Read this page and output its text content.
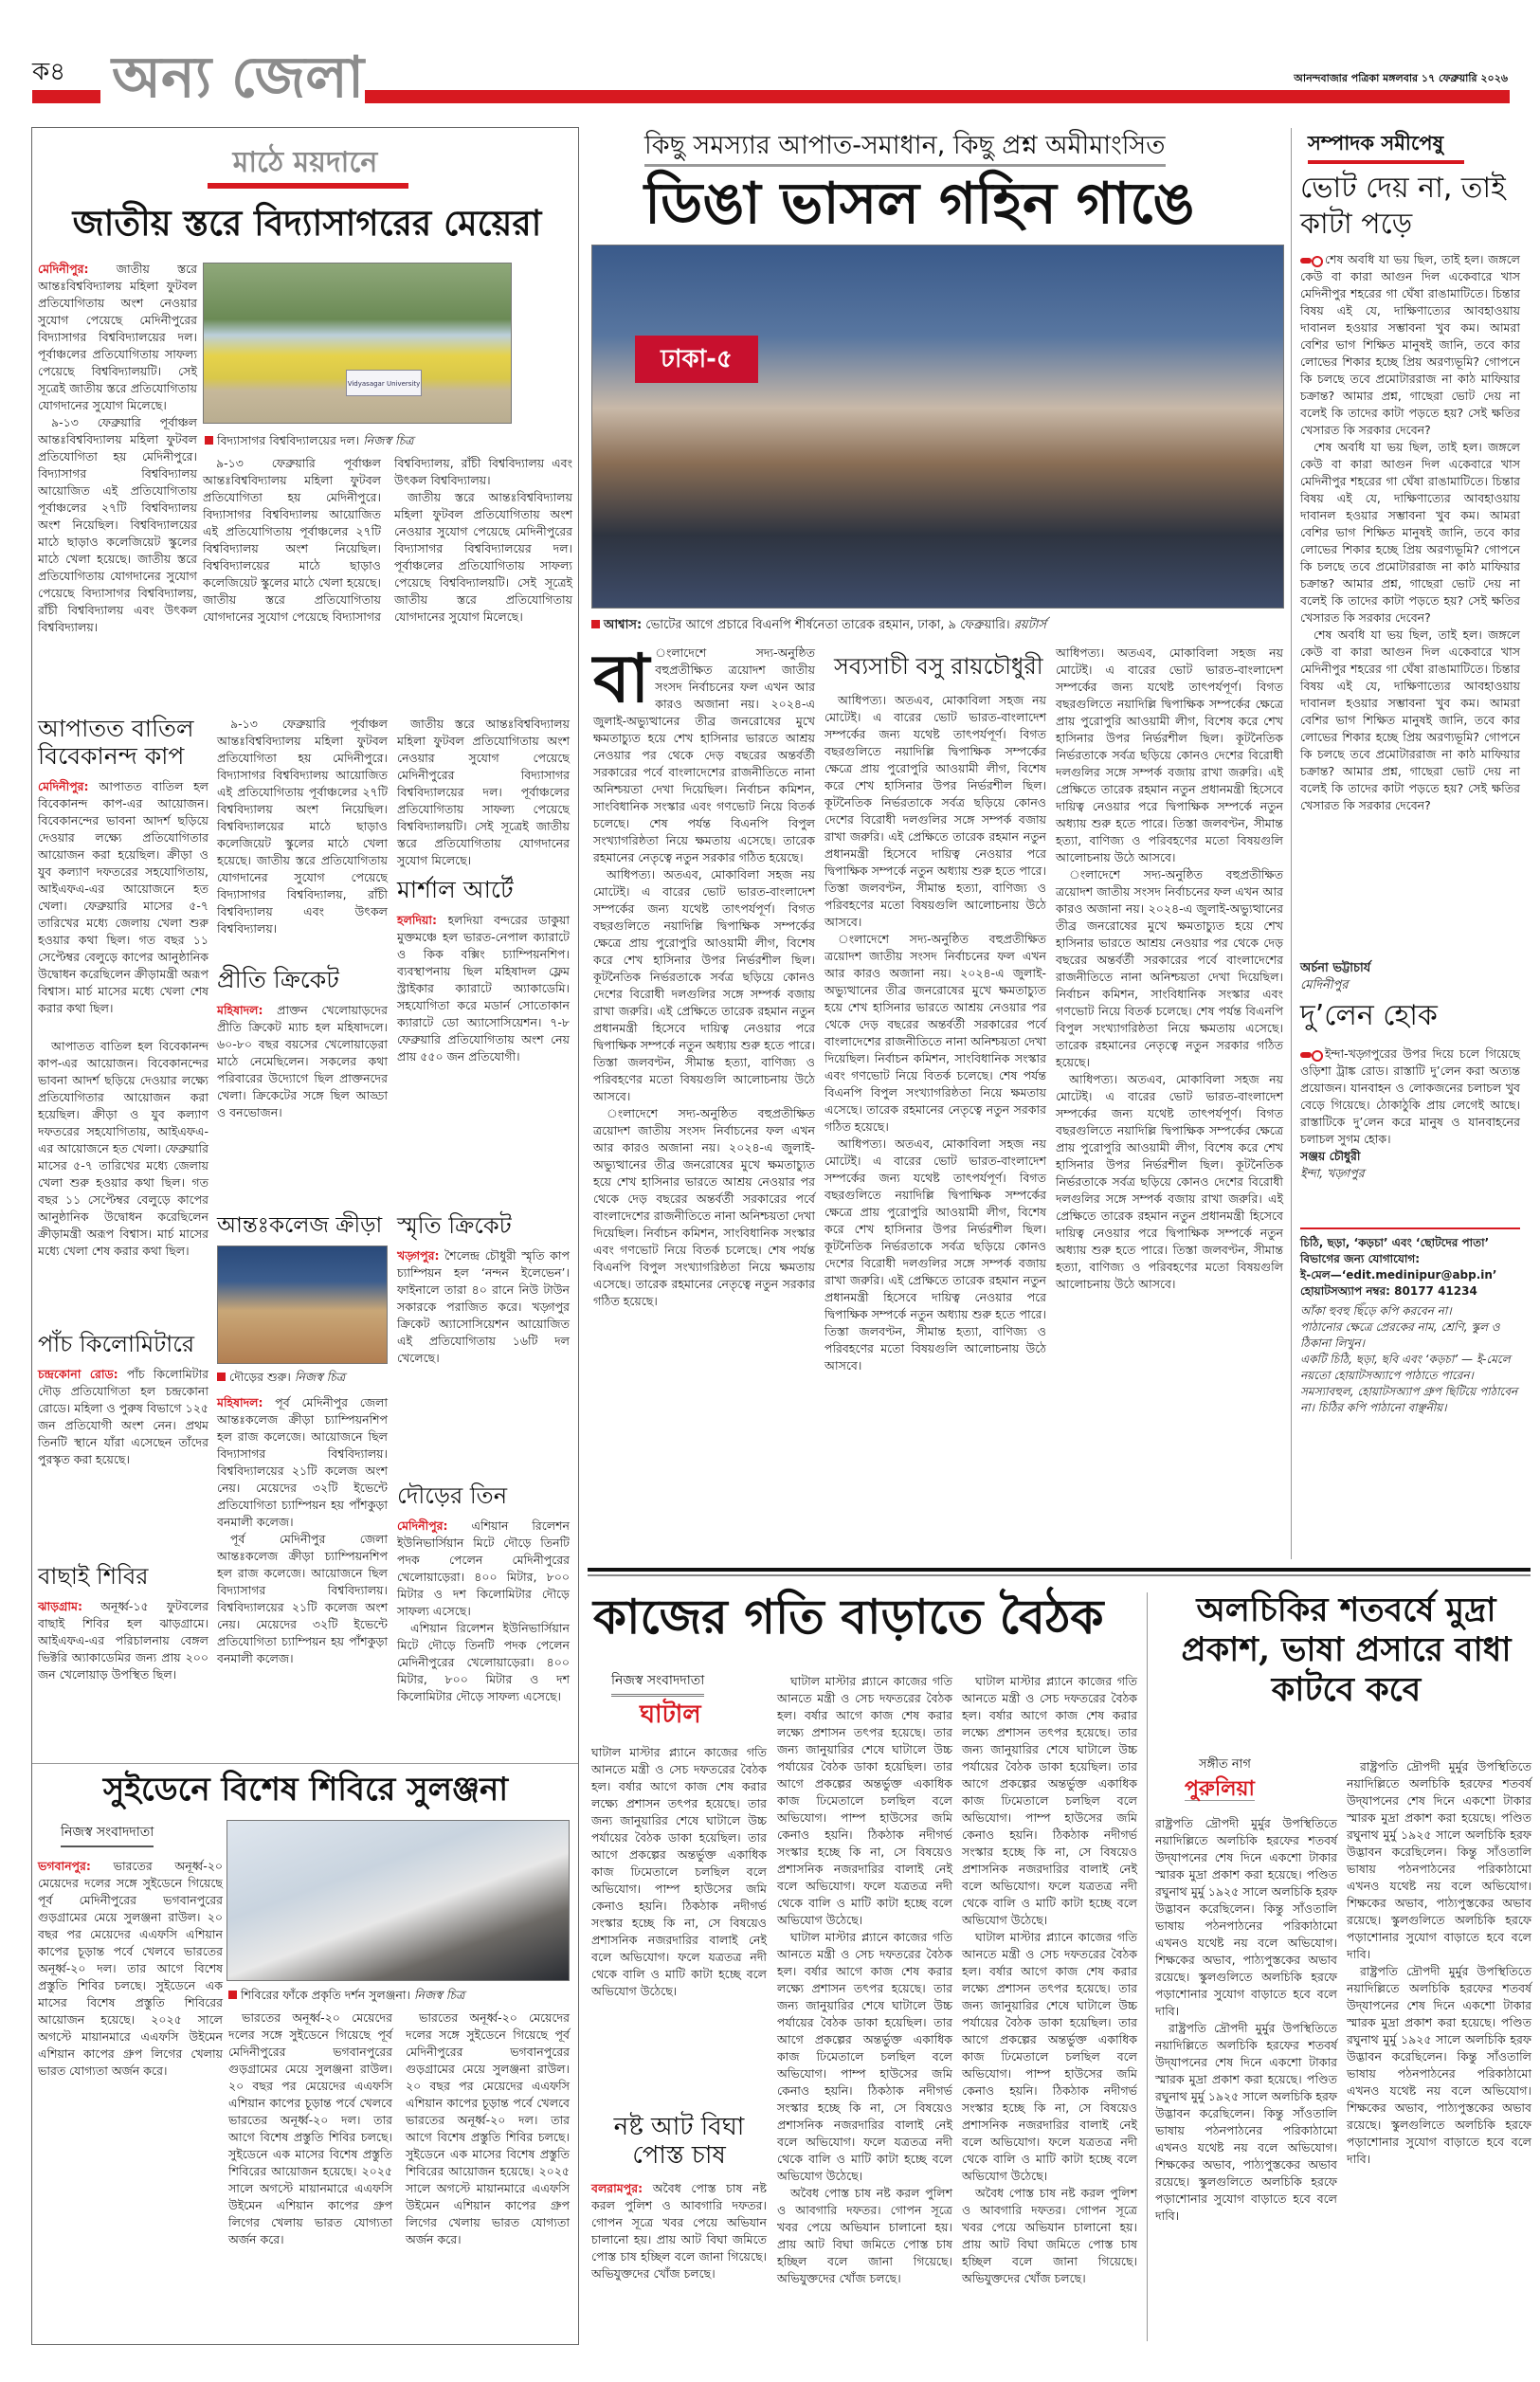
ক৪ অন্য জেলা	আনন্দবাজার পত্রিকা মঙ্গলবার ১৭ ফেব্রুয়ারি ২০২৬
মাঠে ময়দানে
জাতীয় স্তরে বিদ্যাসাগরের মেয়েরা

মেদিনীপুর: জাতীয় স্তরে আন্তঃবিশ্ববিদ্যালয় মহিলা ফুটবল প্রতিযোগিতায় অংশ নেওয়ার সুযোগ পেয়েছে মেদিনীপুরের বিদ্যাসাগর বিশ্ববিদ্যালয়ের দল। পূর্বাঞ্চলের প্রতিযোগিতায় সাফল্য পেয়েছে বিশ্ববিদ্যালয়টি। সেই সূত্রেই জাতীয় স্তরে প্রতিযোগিতায় যোগদানের সুযোগ মিলেছে।

৯-১৩ ফেব্রুয়ারি পূর্বাঞ্চল আন্তঃবিশ্ববিদ্যালয় মহিলা ফুটবল প্রতিযোগিতা হয় মেদিনীপুরে। বিদ্যাসাগর বিশ্ববিদ্যালয় আয়োজিত এই প্রতিযোগিতায় পূর্বাঞ্চলের ২৭টি বিশ্ববিদ্যালয় অংশ নিয়েছিল। বিশ্ববিদ্যালয়ের মাঠে ছাড়াও কলেজিয়েট স্কুলের মাঠে খেলা হয়েছে। জাতীয় স্তরে প্রতিযোগিতায় যোগদানের সুযোগ পেয়েছে বিদ্যাসাগর বিশ্ববিদ্যালয়, রাঁচী বিশ্ববিদ্যালয় এবং উৎকল বিশ্ববিদ্যালয়।

Vidyasagar University
বিদ্যাসাগর বিশ্ববিদ্যালয়ের দল। নিজস্ব চিত্র

৯-১৩ ফেব্রুয়ারি পূর্বাঞ্চল আন্তঃবিশ্ববিদ্যালয় মহিলা ফুটবল প্রতিযোগিতা হয় মেদিনীপুরে। বিদ্যাসাগর বিশ্ববিদ্যালয় আয়োজিত এই প্রতিযোগিতায় পূর্বাঞ্চলের ২৭টি বিশ্ববিদ্যালয় অংশ নিয়েছিল। বিশ্ববিদ্যালয়ের মাঠে ছাড়াও কলেজিয়েট স্কুলের মাঠে খেলা হয়েছে। জাতীয় স্তরে প্রতিযোগিতায় যোগদানের সুযোগ পেয়েছে বিদ্যাসাগর বিশ্ববিদ্যালয়, রাঁচী বিশ্ববিদ্যালয় এবং উৎকল বিশ্ববিদ্যালয়।

জাতীয় স্তরে আন্তঃবিশ্ববিদ্যালয় মহিলা ফুটবল প্রতিযোগিতায় অংশ নেওয়ার সুযোগ পেয়েছে মেদিনীপুরের বিদ্যাসাগর বিশ্ববিদ্যালয়ের দল। পূর্বাঞ্চলের প্রতিযোগিতায় সাফল্য পেয়েছে বিশ্ববিদ্যালয়টি। সেই সূত্রেই জাতীয় স্তরে প্রতিযোগিতায় যোগদানের সুযোগ মিলেছে।

আপাতত বাতিল বিবেকানন্দ কাপ

মেদিনীপুর: আপাতত বাতিল হল বিবেকানন্দ কাপ-এর আয়োজন। বিবেকানন্দের ভাবনা আদর্শ ছড়িয়ে দেওয়ার লক্ষ্যে প্রতিযোগিতার আয়োজন করা হয়েছিল। ক্রীড়া ও যুব কল্যাণ দফতরের সহযোগিতায়, আইএফএ-এর আয়োজনে হত খেলা। ফেব্রুয়ারি মাসের ৫-৭ তারিখের মধ্যে জেলায় খেলা শুরু হওয়ার কথা ছিল। গত বছর ১১ সেপ্টেম্বর বেলুড়ে কাপের আনুষ্ঠানিক উদ্বোধন করেছিলেন ক্রীড়ামন্ত্রী অরূপ বিশ্বাস। মার্চ মাসের মধ্যে খেলা শেষ করার কথা ছিল।

আপাতত বাতিল হল বিবেকানন্দ কাপ-এর আয়োজন। বিবেকানন্দের ভাবনা আদর্শ ছড়িয়ে দেওয়ার লক্ষ্যে প্রতিযোগিতার আয়োজন করা হয়েছিল। ক্রীড়া ও যুব কল্যাণ দফতরের সহযোগিতায়, আইএফএ-এর আয়োজনে হত খেলা। ফেব্রুয়ারি মাসের ৫-৭ তারিখের মধ্যে জেলায় খেলা শুরু হওয়ার কথা ছিল। গত বছর ১১ সেপ্টেম্বর বেলুড়ে কাপের আনুষ্ঠানিক উদ্বোধন করেছিলেন ক্রীড়ামন্ত্রী অরূপ বিশ্বাস। মার্চ মাসের মধ্যে খেলা শেষ করার কথা ছিল।

পাঁচ কিলোমিটারে

চন্দ্রকোনা রোড: পাঁচ কিলোমিটার দৌড় প্রতিযোগিতা হল চন্দ্রকোনা রোডে। মহিলা ও পুরুষ বিভাগে ১২৫ জন প্রতিযোগী অংশ নেন। প্রথম তিনটি স্থানে যাঁরা এসেছেন তাঁদের পুরস্কৃত করা হয়েছে।

বাছাই শিবির

ঝাড়গ্রাম: অনূর্ধ্ব-১৫ ফুটবলের বাছাই শিবির হল ঝাড়গ্রামে। আইএফএ-এর পরিচালনায় বেঙ্গল ভিক্টরি অ্যাকাডেমির জন্য প্রায় ২০০ জন খেলোয়াড় উপস্থিত ছিল।

৯-১৩ ফেব্রুয়ারি পূর্বাঞ্চল আন্তঃবিশ্ববিদ্যালয় মহিলা ফুটবল প্রতিযোগিতা হয় মেদিনীপুরে। বিদ্যাসাগর বিশ্ববিদ্যালয় আয়োজিত এই প্রতিযোগিতায় পূর্বাঞ্চলের ২৭টি বিশ্ববিদ্যালয় অংশ নিয়েছিল। বিশ্ববিদ্যালয়ের মাঠে ছাড়াও কলেজিয়েট স্কুলের মাঠে খেলা হয়েছে। জাতীয় স্তরে প্রতিযোগিতায় যোগদানের সুযোগ পেয়েছে বিদ্যাসাগর বিশ্ববিদ্যালয়, রাঁচী বিশ্ববিদ্যালয় এবং উৎকল বিশ্ববিদ্যালয়।

প্রীতি ক্রিকেট

মহিষাদল: প্রাক্তন খেলোয়াড়দের প্রীতি ক্রিকেট ম্যাচ হল মহিষাদলে। ৬০-৮০ বছর বয়সের খেলোয়াড়েরা মাঠে নেমেছিলেন। সকলের কথা পরিবারের উদ্যোগে ছিল প্রাক্তনদের খেলা। ক্রিকেটের সঙ্গে ছিল আড্ডা ও বনভোজন।

আন্তঃকলেজ ক্রীড়া
দৌড়ের শুরু। নিজস্ব চিত্র

মহিষাদল: পূর্ব মেদিনীপুর জেলা আন্তঃকলেজ ক্রীড়া চ্যাম্পিয়নশিপ হল রাজ কলেজে। আয়োজনে ছিল বিদ্যাসাগর বিশ্ববিদ্যালয়। বিশ্ববিদ্যালয়ের ২১টি কলেজ অংশ নেয়। মেয়েদের ৩২টি ইভেন্টে প্রতিযোগিতা চ্যাম্পিয়ন হয় পাঁশকুড়া বনমালী কলেজ।

পূর্ব মেদিনীপুর জেলা আন্তঃকলেজ ক্রীড়া চ্যাম্পিয়নশিপ হল রাজ কলেজে। আয়োজনে ছিল বিদ্যাসাগর বিশ্ববিদ্যালয়। বিশ্ববিদ্যালয়ের ২১টি কলেজ অংশ নেয়। মেয়েদের ৩২টি ইভেন্টে প্রতিযোগিতা চ্যাম্পিয়ন হয় পাঁশকুড়া বনমালী কলেজ।

জাতীয় স্তরে আন্তঃবিশ্ববিদ্যালয় মহিলা ফুটবল প্রতিযোগিতায় অংশ নেওয়ার সুযোগ পেয়েছে মেদিনীপুরের বিদ্যাসাগর বিশ্ববিদ্যালয়ের দল। পূর্বাঞ্চলের প্রতিযোগিতায় সাফল্য পেয়েছে বিশ্ববিদ্যালয়টি। সেই সূত্রেই জাতীয় স্তরে প্রতিযোগিতায় যোগদানের সুযোগ মিলেছে।

মার্শাল আর্টে

হলদিয়া: হলদিয়া বন্দরের ডাকুয়া মুক্তমঞ্চে হল ভারত-নেপাল ক্যারাটে ও কিক বক্সিং চ্যাম্পিয়নশিপ। ব্যবস্থাপনায় ছিল মহিষাদল ফ্লেম স্ট্রাইকার ক্যারাটে অ্যাকাডেমি। সহযোগিতা করে মডার্ন সোতোকান ক্যারাটে ডো অ্যাসোসিয়েশন। ৭-৮ ফেব্রুয়ারি প্রতিযোগিতায় অংশ নেয় প্রায় ৫৫০ জন প্রতিযোগী।

স্মৃতি ক্রিকেট

খড়্গপুর: শৈলেন্দ্র চৌধুরী স্মৃতি কাপ চ্যাম্পিয়ন হল ‘নন্দন ইলেভেন’। ফাইনালে তারা ৪০ রানে নিউ টাউন সকারকে পরাজিত করে। খড়্গপুর ক্রিকেট অ্যাসোসিয়েশন আয়োজিত এই প্রতিযোগিতায় ১৬টি দল খেলেছে।

দৌড়ের তিন

মেদিনীপুর: এশিয়ান রিলেশন ইউনিভার্সিয়ান মিটে দৌড়ে তিনটি পদক পেলেন মেদিনীপুরের খেলোয়াড়েরা। ৪০০ মিটার, ৮০০ মিটার ও দশ কিলোমিটার দৌড়ে সাফল্য এসেছে।

এশিয়ান রিলেশন ইউনিভার্সিয়ান মিটে দৌড়ে তিনটি পদক পেলেন মেদিনীপুরের খেলোয়াড়েরা। ৪০০ মিটার, ৮০০ মিটার ও দশ কিলোমিটার দৌড়ে সাফল্য এসেছে।

সুইডেনে বিশেষ শিবিরে সুলঞ্জনা
নিজস্ব সংবাদদাতা

ভগবানপুর: ভারতের অনূর্ধ্ব-২০ মেয়েদের দলের সঙ্গে সুইডেনে গিয়েছে পূর্ব মেদিনীপুরের ভগবানপুরের গুড়গ্রামের মেয়ে সুলঞ্জনা রাউল। ২০ বছর পর মেয়েদের এএফসি এশিয়ান কাপের চূড়ান্ত পর্বে খেলবে ভারতের অনূর্ধ্ব-২০ দল। তার আগে বিশেষ প্রস্তুতি শিবির চলছে। সুইডেনে এক মাসের বিশেষ প্রস্তুতি শিবিরের আয়োজন হয়েছে। ২০২৫ সালে অগস্টে মায়ানমারে এএফসি উইমেন এশিয়ান কাপের গ্রুপ লিগের খেলায় ভারত যোগ্যতা অর্জন করে।

শিবিরের ফাঁকে প্রকৃতি দর্শন সুলঞ্জনা। নিজস্ব চিত্র

ভারতের অনূর্ধ্ব-২০ মেয়েদের দলের সঙ্গে সুইডেনে গিয়েছে পূর্ব মেদিনীপুরের ভগবানপুরের গুড়গ্রামের মেয়ে সুলঞ্জনা রাউল। ২০ বছর পর মেয়েদের এএফসি এশিয়ান কাপের চূড়ান্ত পর্বে খেলবে ভারতের অনূর্ধ্ব-২০ দল। তার আগে বিশেষ প্রস্তুতি শিবির চলছে। সুইডেনে এক মাসের বিশেষ প্রস্তুতি শিবিরের আয়োজন হয়েছে। ২০২৫ সালে অগস্টে মায়ানমারে এএফসি উইমেন এশিয়ান কাপের গ্রুপ লিগের খেলায় ভারত যোগ্যতা অর্জন করে।

ভারতের অনূর্ধ্ব-২০ মেয়েদের দলের সঙ্গে সুইডেনে গিয়েছে পূর্ব মেদিনীপুরের ভগবানপুরের গুড়গ্রামের মেয়ে সুলঞ্জনা রাউল। ২০ বছর পর মেয়েদের এএফসি এশিয়ান কাপের চূড়ান্ত পর্বে খেলবে ভারতের অনূর্ধ্ব-২০ দল। তার আগে বিশেষ প্রস্তুতি শিবির চলছে। সুইডেনে এক মাসের বিশেষ প্রস্তুতি শিবিরের আয়োজন হয়েছে। ২০২৫ সালে অগস্টে মায়ানমারে এএফসি উইমেন এশিয়ান কাপের গ্রুপ লিগের খেলায় ভারত যোগ্যতা অর্জন করে।

কিছু সমস্যার আপাত-সমাধান, কিছু প্রশ্ন অমীমাংসিত
ডিঙা ভাসল গহিন গাঙে
ঢাকা-৫
আশ্বাস: ভোটের আগে প্রচারে বিএনপি শীর্ষনেতা তারেক রহমান, ঢাকা, ৯ ফেব্রুয়ারি। রয়টার্স
বা ংলাদেশে সদ্য-অনুষ্ঠিত বহুপ্রতীক্ষিত ত্রয়োদশ জাতীয় সংসদ নির্বাচনের ফল এখন আর কারও অজানা নয়। ২০২৪-এ জুলাই-অভ্যুত্থানের তীব্র জনরোষের মুখে ক্ষমতাচ্যুত হয়ে শেখ হাসিনার ভারতে আশ্রয় নেওয়ার পর থেকে দেড় বছরের অন্তর্বর্তী সরকারের পর্বে বাংলাদেশের রাজনীতিতে নানা অনিশ্চয়তা দেখা দিয়েছিল। নির্বাচন কমিশন, সাংবিধানিক সংস্কার এবং গণভোট নিয়ে বিতর্ক চলেছে। শেষ পর্যন্ত বিএনপি বিপুল সংখ্যাগরিষ্ঠতা নিয়ে ক্ষমতায় এসেছে। তারেক রহমানের নেতৃত্বে নতুন সরকার গঠিত হয়েছে।

আধিপত্য। অতএব, মোকাবিলা সহজ নয় মোটেই। এ বারের ভোট ভারত-বাংলাদেশ সম্পর্কের জন্য যথেষ্ট তাৎপর্যপূর্ণ। বিগত বছরগুলিতে নয়াদিল্লি দ্বিপাক্ষিক সম্পর্কের ক্ষেত্রে প্রায় পুরোপুরি আওয়ামী লীগ, বিশেষ করে শেখ হাসিনার উপর নির্ভরশীল ছিল। কূটনৈতিক নির্ভরতাকে সর্বত্র ছড়িয়ে কোনও দেশের বিরোধী দলগুলির সঙ্গে সম্পর্ক বজায় রাখা জরুরি। এই প্রেক্ষিতে তারেক রহমান নতুন প্রধানমন্ত্রী হিসেবে দায়িত্ব নেওয়ার পরে দ্বিপাক্ষিক সম্পর্কে নতুন অধ্যায় শুরু হতে পারে। তিস্তা জলবণ্টন, সীমান্ত হত্যা, বাণিজ্য ও পরিবহণের মতো বিষয়গুলি আলোচনায় উঠে আসবে।

ংলাদেশে সদ্য-অনুষ্ঠিত বহুপ্রতীক্ষিত ত্রয়োদশ জাতীয় সংসদ নির্বাচনের ফল এখন আর কারও অজানা নয়। ২০২৪-এ জুলাই-অভ্যুত্থানের তীব্র জনরোষের মুখে ক্ষমতাচ্যুত হয়ে শেখ হাসিনার ভারতে আশ্রয় নেওয়ার পর থেকে দেড় বছরের অন্তর্বর্তী সরকারের পর্বে বাংলাদেশের রাজনীতিতে নানা অনিশ্চয়তা দেখা দিয়েছিল। নির্বাচন কমিশন, সাংবিধানিক সংস্কার এবং গণভোট নিয়ে বিতর্ক চলেছে। শেষ পর্যন্ত বিএনপি বিপুল সংখ্যাগরিষ্ঠতা নিয়ে ক্ষমতায় এসেছে। তারেক রহমানের নেতৃত্বে নতুন সরকার গঠিত হয়েছে।

সব্যসাচী বসু রায়চৌধুরী

আধিপত্য। অতএব, মোকাবিলা সহজ নয় মোটেই। এ বারের ভোট ভারত-বাংলাদেশ সম্পর্কের জন্য যথেষ্ট তাৎপর্যপূর্ণ। বিগত বছরগুলিতে নয়াদিল্লি দ্বিপাক্ষিক সম্পর্কের ক্ষেত্রে প্রায় পুরোপুরি আওয়ামী লীগ, বিশেষ করে শেখ হাসিনার উপর নির্ভরশীল ছিল। কূটনৈতিক নির্ভরতাকে সর্বত্র ছড়িয়ে কোনও দেশের বিরোধী দলগুলির সঙ্গে সম্পর্ক বজায় রাখা জরুরি। এই প্রেক্ষিতে তারেক রহমান নতুন প্রধানমন্ত্রী হিসেবে দায়িত্ব নেওয়ার পরে দ্বিপাক্ষিক সম্পর্কে নতুন অধ্যায় শুরু হতে পারে। তিস্তা জলবণ্টন, সীমান্ত হত্যা, বাণিজ্য ও পরিবহণের মতো বিষয়গুলি আলোচনায় উঠে আসবে।

ংলাদেশে সদ্য-অনুষ্ঠিত বহুপ্রতীক্ষিত ত্রয়োদশ জাতীয় সংসদ নির্বাচনের ফল এখন আর কারও অজানা নয়। ২০২৪-এ জুলাই-অভ্যুত্থানের তীব্র জনরোষের মুখে ক্ষমতাচ্যুত হয়ে শেখ হাসিনার ভারতে আশ্রয় নেওয়ার পর থেকে দেড় বছরের অন্তর্বর্তী সরকারের পর্বে বাংলাদেশের রাজনীতিতে নানা অনিশ্চয়তা দেখা দিয়েছিল। নির্বাচন কমিশন, সাংবিধানিক সংস্কার এবং গণভোট নিয়ে বিতর্ক চলেছে। শেষ পর্যন্ত বিএনপি বিপুল সংখ্যাগরিষ্ঠতা নিয়ে ক্ষমতায় এসেছে। তারেক রহমানের নেতৃত্বে নতুন সরকার গঠিত হয়েছে।

আধিপত্য। অতএব, মোকাবিলা সহজ নয় মোটেই। এ বারের ভোট ভারত-বাংলাদেশ সম্পর্কের জন্য যথেষ্ট তাৎপর্যপূর্ণ। বিগত বছরগুলিতে নয়াদিল্লি দ্বিপাক্ষিক সম্পর্কের ক্ষেত্রে প্রায় পুরোপুরি আওয়ামী লীগ, বিশেষ করে শেখ হাসিনার উপর নির্ভরশীল ছিল। কূটনৈতিক নির্ভরতাকে সর্বত্র ছড়িয়ে কোনও দেশের বিরোধী দলগুলির সঙ্গে সম্পর্ক বজায় রাখা জরুরি। এই প্রেক্ষিতে তারেক রহমান নতুন প্রধানমন্ত্রী হিসেবে দায়িত্ব নেওয়ার পরে দ্বিপাক্ষিক সম্পর্কে নতুন অধ্যায় শুরু হতে পারে। তিস্তা জলবণ্টন, সীমান্ত হত্যা, বাণিজ্য ও পরিবহণের মতো বিষয়গুলি আলোচনায় উঠে আসবে।

আধিপত্য। অতএব, মোকাবিলা সহজ নয় মোটেই। এ বারের ভোট ভারত-বাংলাদেশ সম্পর্কের জন্য যথেষ্ট তাৎপর্যপূর্ণ। বিগত বছরগুলিতে নয়াদিল্লি দ্বিপাক্ষিক সম্পর্কের ক্ষেত্রে প্রায় পুরোপুরি আওয়ামী লীগ, বিশেষ করে শেখ হাসিনার উপর নির্ভরশীল ছিল। কূটনৈতিক নির্ভরতাকে সর্বত্র ছড়িয়ে কোনও দেশের বিরোধী দলগুলির সঙ্গে সম্পর্ক বজায় রাখা জরুরি। এই প্রেক্ষিতে তারেক রহমান নতুন প্রধানমন্ত্রী হিসেবে দায়িত্ব নেওয়ার পরে দ্বিপাক্ষিক সম্পর্কে নতুন অধ্যায় শুরু হতে পারে। তিস্তা জলবণ্টন, সীমান্ত হত্যা, বাণিজ্য ও পরিবহণের মতো বিষয়গুলি আলোচনায় উঠে আসবে।

ংলাদেশে সদ্য-অনুষ্ঠিত বহুপ্রতীক্ষিত ত্রয়োদশ জাতীয় সংসদ নির্বাচনের ফল এখন আর কারও অজানা নয়। ২০২৪-এ জুলাই-অভ্যুত্থানের তীব্র জনরোষের মুখে ক্ষমতাচ্যুত হয়ে শেখ হাসিনার ভারতে আশ্রয় নেওয়ার পর থেকে দেড় বছরের অন্তর্বর্তী সরকারের পর্বে বাংলাদেশের রাজনীতিতে নানা অনিশ্চয়তা দেখা দিয়েছিল। নির্বাচন কমিশন, সাংবিধানিক সংস্কার এবং গণভোট নিয়ে বিতর্ক চলেছে। শেষ পর্যন্ত বিএনপি বিপুল সংখ্যাগরিষ্ঠতা নিয়ে ক্ষমতায় এসেছে। তারেক রহমানের নেতৃত্বে নতুন সরকার গঠিত হয়েছে।

আধিপত্য। অতএব, মোকাবিলা সহজ নয় মোটেই। এ বারের ভোট ভারত-বাংলাদেশ সম্পর্কের জন্য যথেষ্ট তাৎপর্যপূর্ণ। বিগত বছরগুলিতে নয়াদিল্লি দ্বিপাক্ষিক সম্পর্কের ক্ষেত্রে প্রায় পুরোপুরি আওয়ামী লীগ, বিশেষ করে শেখ হাসিনার উপর নির্ভরশীল ছিল। কূটনৈতিক নির্ভরতাকে সর্বত্র ছড়িয়ে কোনও দেশের বিরোধী দলগুলির সঙ্গে সম্পর্ক বজায় রাখা জরুরি। এই প্রেক্ষিতে তারেক রহমান নতুন প্রধানমন্ত্রী হিসেবে দায়িত্ব নেওয়ার পরে দ্বিপাক্ষিক সম্পর্কে নতুন অধ্যায় শুরু হতে পারে। তিস্তা জলবণ্টন, সীমান্ত হত্যা, বাণিজ্য ও পরিবহণের মতো বিষয়গুলি আলোচনায় উঠে আসবে।

কাজের গতি বাড়াতে বৈঠক
নিজস্ব সংবাদদাতা
ঘাটাল

ঘাটাল মাস্টার প্ল্যানে কাজের গতি আনতে মন্ত্রী ও সেচ দফতরের বৈঠক হল। বর্ষার আগে কাজ শেষ করার লক্ষ্যে প্রশাসন তৎপর হয়েছে। তার জন্য জানুয়ারির শেষে ঘাটালে উচ্চ পর্যায়ের বৈঠক ডাকা হয়েছিল। তার আগে প্রকল্পের অন্তর্ভুক্ত একাধিক কাজ ঢিমেতালে চলছিল বলে অভিযোগ। পাম্প হাউসের জমি কেনাও হয়নি। ঠিকঠাক নদীগর্ভ সংস্কার হচ্ছে কি না, সে বিষয়েও প্রশাসনিক নজরদারির বালাই নেই বলে অভিযোগ। ফলে যত্রতত্র নদী থেকে বালি ও মাটি কাটা হচ্ছে বলে অভিযোগ উঠেছে।

নষ্ট আট বিঘা পোস্ত চাষ

বলরামপুর: অবৈধ পোস্ত চাষ নষ্ট করল পুলিশ ও আবগারি দফতর। গোপন সূত্রে খবর পেয়ে অভিযান চালানো হয়। প্রায় আট বিঘা জমিতে পোস্ত চাষ হচ্ছিল বলে জানা গিয়েছে। অভিযুক্তদের খোঁজ চলছে।

ঘাটাল মাস্টার প্ল্যানে কাজের গতি আনতে মন্ত্রী ও সেচ দফতরের বৈঠক হল। বর্ষার আগে কাজ শেষ করার লক্ষ্যে প্রশাসন তৎপর হয়েছে। তার জন্য জানুয়ারির শেষে ঘাটালে উচ্চ পর্যায়ের বৈঠক ডাকা হয়েছিল। তার আগে প্রকল্পের অন্তর্ভুক্ত একাধিক কাজ ঢিমেতালে চলছিল বলে অভিযোগ। পাম্প হাউসের জমি কেনাও হয়নি। ঠিকঠাক নদীগর্ভ সংস্কার হচ্ছে কি না, সে বিষয়েও প্রশাসনিক নজরদারির বালাই নেই বলে অভিযোগ। ফলে যত্রতত্র নদী থেকে বালি ও মাটি কাটা হচ্ছে বলে অভিযোগ উঠেছে।

ঘাটাল মাস্টার প্ল্যানে কাজের গতি আনতে মন্ত্রী ও সেচ দফতরের বৈঠক হল। বর্ষার আগে কাজ শেষ করার লক্ষ্যে প্রশাসন তৎপর হয়েছে। তার জন্য জানুয়ারির শেষে ঘাটালে উচ্চ পর্যায়ের বৈঠক ডাকা হয়েছিল। তার আগে প্রকল্পের অন্তর্ভুক্ত একাধিক কাজ ঢিমেতালে চলছিল বলে অভিযোগ। পাম্প হাউসের জমি কেনাও হয়নি। ঠিকঠাক নদীগর্ভ সংস্কার হচ্ছে কি না, সে বিষয়েও প্রশাসনিক নজরদারির বালাই নেই বলে অভিযোগ। ফলে যত্রতত্র নদী থেকে বালি ও মাটি কাটা হচ্ছে বলে অভিযোগ উঠেছে।

অবৈধ পোস্ত চাষ নষ্ট করল পুলিশ ও আবগারি দফতর। গোপন সূত্রে খবর পেয়ে অভিযান চালানো হয়। প্রায় আট বিঘা জমিতে পোস্ত চাষ হচ্ছিল বলে জানা গিয়েছে। অভিযুক্তদের খোঁজ চলছে।

ঘাটাল মাস্টার প্ল্যানে কাজের গতি আনতে মন্ত্রী ও সেচ দফতরের বৈঠক হল। বর্ষার আগে কাজ শেষ করার লক্ষ্যে প্রশাসন তৎপর হয়েছে। তার জন্য জানুয়ারির শেষে ঘাটালে উচ্চ পর্যায়ের বৈঠক ডাকা হয়েছিল। তার আগে প্রকল্পের অন্তর্ভুক্ত একাধিক কাজ ঢিমেতালে চলছিল বলে অভিযোগ। পাম্প হাউসের জমি কেনাও হয়নি। ঠিকঠাক নদীগর্ভ সংস্কার হচ্ছে কি না, সে বিষয়েও প্রশাসনিক নজরদারির বালাই নেই বলে অভিযোগ। ফলে যত্রতত্র নদী থেকে বালি ও মাটি কাটা হচ্ছে বলে অভিযোগ উঠেছে।

ঘাটাল মাস্টার প্ল্যানে কাজের গতি আনতে মন্ত্রী ও সেচ দফতরের বৈঠক হল। বর্ষার আগে কাজ শেষ করার লক্ষ্যে প্রশাসন তৎপর হয়েছে। তার জন্য জানুয়ারির শেষে ঘাটালে উচ্চ পর্যায়ের বৈঠক ডাকা হয়েছিল। তার আগে প্রকল্পের অন্তর্ভুক্ত একাধিক কাজ ঢিমেতালে চলছিল বলে অভিযোগ। পাম্প হাউসের জমি কেনাও হয়নি। ঠিকঠাক নদীগর্ভ সংস্কার হচ্ছে কি না, সে বিষয়েও প্রশাসনিক নজরদারির বালাই নেই বলে অভিযোগ। ফলে যত্রতত্র নদী থেকে বালি ও মাটি কাটা হচ্ছে বলে অভিযোগ উঠেছে।

অবৈধ পোস্ত চাষ নষ্ট করল পুলিশ ও আবগারি দফতর। গোপন সূত্রে খবর পেয়ে অভিযান চালানো হয়। প্রায় আট বিঘা জমিতে পোস্ত চাষ হচ্ছিল বলে জানা গিয়েছে। অভিযুক্তদের খোঁজ চলছে।

অলচিকির শতবর্ষে মুদ্রা প্রকাশ, ভাষা প্রসারে বাধা কাটবে কবে
সঙ্গীত নাগ
পুরুলিয়া

রাষ্ট্রপতি দ্রৌপদী মুর্মুর উপস্থিতিতে নয়াদিল্লিতে অলচিকি হরফের শতবর্ষ উদ্‌যাপনের শেষ দিনে একশো টাকার স্মারক মুদ্রা প্রকাশ করা হয়েছে। পণ্ডিত রঘুনাথ মুর্মু ১৯২৫ সালে অলচিকি হরফ উদ্ভাবন করেছিলেন। কিন্তু সাঁওতালি ভাষায় পঠনপাঠনের পরিকাঠামো এখনও যথেষ্ট নয় বলে অভিযোগ। শিক্ষকের অভাব, পাঠ্যপুস্তকের অভাব রয়েছে। স্কুলগুলিতে অলচিকি হরফে পড়াশোনার সুযোগ বাড়াতে হবে বলে দাবি।

রাষ্ট্রপতি দ্রৌপদী মুর্মুর উপস্থিতিতে নয়াদিল্লিতে অলচিকি হরফের শতবর্ষ উদ্‌যাপনের শেষ দিনে একশো টাকার স্মারক মুদ্রা প্রকাশ করা হয়েছে। পণ্ডিত রঘুনাথ মুর্মু ১৯২৫ সালে অলচিকি হরফ উদ্ভাবন করেছিলেন। কিন্তু সাঁওতালি ভাষায় পঠনপাঠনের পরিকাঠামো এখনও যথেষ্ট নয় বলে অভিযোগ। শিক্ষকের অভাব, পাঠ্যপুস্তকের অভাব রয়েছে। স্কুলগুলিতে অলচিকি হরফে পড়াশোনার সুযোগ বাড়াতে হবে বলে দাবি।

রাষ্ট্রপতি দ্রৌপদী মুর্মুর উপস্থিতিতে নয়াদিল্লিতে অলচিকি হরফের শতবর্ষ উদ্‌যাপনের শেষ দিনে একশো টাকার স্মারক মুদ্রা প্রকাশ করা হয়েছে। পণ্ডিত রঘুনাথ মুর্মু ১৯২৫ সালে অলচিকি হরফ উদ্ভাবন করেছিলেন। কিন্তু সাঁওতালি ভাষায় পঠনপাঠনের পরিকাঠামো এখনও যথেষ্ট নয় বলে অভিযোগ। শিক্ষকের অভাব, পাঠ্যপুস্তকের অভাব রয়েছে। স্কুলগুলিতে অলচিকি হরফে পড়াশোনার সুযোগ বাড়াতে হবে বলে দাবি।

রাষ্ট্রপতি দ্রৌপদী মুর্মুর উপস্থিতিতে নয়াদিল্লিতে অলচিকি হরফের শতবর্ষ উদ্‌যাপনের শেষ দিনে একশো টাকার স্মারক মুদ্রা প্রকাশ করা হয়েছে। পণ্ডিত রঘুনাথ মুর্মু ১৯২৫ সালে অলচিকি হরফ উদ্ভাবন করেছিলেন। কিন্তু সাঁওতালি ভাষায় পঠনপাঠনের পরিকাঠামো এখনও যথেষ্ট নয় বলে অভিযোগ। শিক্ষকের অভাব, পাঠ্যপুস্তকের অভাব রয়েছে। স্কুলগুলিতে অলচিকি হরফে পড়াশোনার সুযোগ বাড়াতে হবে বলে দাবি।

সম্পাদক সমীপেষু
ভোট দেয় না, তাই কাটা পড়ে

শেষ অবধি যা ভয় ছিল, তাই হল। জঙ্গলে কেউ বা কারা আগুন দিল একেবারে খাস মেদিনীপুর শহরের গা ঘেঁষা রাঙামাটিতে। চিন্তার বিষয় এই যে, দাক্ষিণাত্যের আবহাওয়ায় দাবানল হওয়ার সম্ভাবনা খুব কম। আমরা বেশির ভাগ শিক্ষিত মানুষই জানি, তবে কার লোভের শিকার হচ্ছে প্রিয় অরণ্যভূমি? গোপনে কি চলছে তবে প্রমোটাররাজ না কাঠ মাফিয়ার চক্রান্ত? আমার প্রশ্ন, গাছেরা ভোট দেয় না বলেই কি তাদের কাটা পড়তে হয়? সেই ক্ষতির খেসারত কি সরকার দেবেন?

শেষ অবধি যা ভয় ছিল, তাই হল। জঙ্গলে কেউ বা কারা আগুন দিল একেবারে খাস মেদিনীপুর শহরের গা ঘেঁষা রাঙামাটিতে। চিন্তার বিষয় এই যে, দাক্ষিণাত্যের আবহাওয়ায় দাবানল হওয়ার সম্ভাবনা খুব কম। আমরা বেশির ভাগ শিক্ষিত মানুষই জানি, তবে কার লোভের শিকার হচ্ছে প্রিয় অরণ্যভূমি? গোপনে কি চলছে তবে প্রমোটাররাজ না কাঠ মাফিয়ার চক্রান্ত? আমার প্রশ্ন, গাছেরা ভোট দেয় না বলেই কি তাদের কাটা পড়তে হয়? সেই ক্ষতির খেসারত কি সরকার দেবেন?

শেষ অবধি যা ভয় ছিল, তাই হল। জঙ্গলে কেউ বা কারা আগুন দিল একেবারে খাস মেদিনীপুর শহরের গা ঘেঁষা রাঙামাটিতে। চিন্তার বিষয় এই যে, দাক্ষিণাত্যের আবহাওয়ায় দাবানল হওয়ার সম্ভাবনা খুব কম। আমরা বেশির ভাগ শিক্ষিত মানুষই জানি, তবে কার লোভের শিকার হচ্ছে প্রিয় অরণ্যভূমি? গোপনে কি চলছে তবে প্রমোটাররাজ না কাঠ মাফিয়ার চক্রান্ত? আমার প্রশ্ন, গাছেরা ভোট দেয় না বলেই কি তাদের কাটা পড়তে হয়? সেই ক্ষতির খেসারত কি সরকার দেবেন?

অর্চনা ভট্টাচার্য
মেদিনীপুর
দু’লেন হোক

ইন্দা-খড়্গপুরের উপর দিয়ে চলে গিয়েছে ওড়িশা ট্রাঙ্ক রোড। রাস্তাটি দু’লেন করা অত্যন্ত প্রয়োজন। যানবাহন ও লোকজনের চলাচল খুব বেড়ে গিয়েছে। ঠোকাঠুকি প্রায় লেগেই আছে। রাস্তাটিকে দু’লেন করে মানুষ ও যানবাহনের চলাচল সুগম হোক।

সঞ্জয় চৌধুরী
ইন্দা, খড়্গপুর
চিঠি, ছড়া, ‘কড়চা’ এবং ‘ছোটদের পাতা’ বিভাগের জন্য যোগাযোগ:
ই-মেল—‘edit.medinipur@abp.in’
হোয়াটসঅ্যাপ নম্বর: 80177 41234
আঁকা হুবহু ছিঁড়ে কপি করবেন না।
পাঠানোর ক্ষেত্রে প্রেরকের নাম, শ্রেণি, স্কুল ও ঠিকানা লিখুন।
একটি চিঠি, ছড়া, ছবি এবং ‘কড়চা’ — ই-মেলে নয়তো হোয়াটসঅ্যাপে পাঠাতে পারেন।
সমস্যাবহুল, হোয়াটসঅ্যাপ গ্রুপ ছিটিয়ে পাঠাবেন না। চিঠির কপি পাঠানো বাঞ্ছনীয়।
